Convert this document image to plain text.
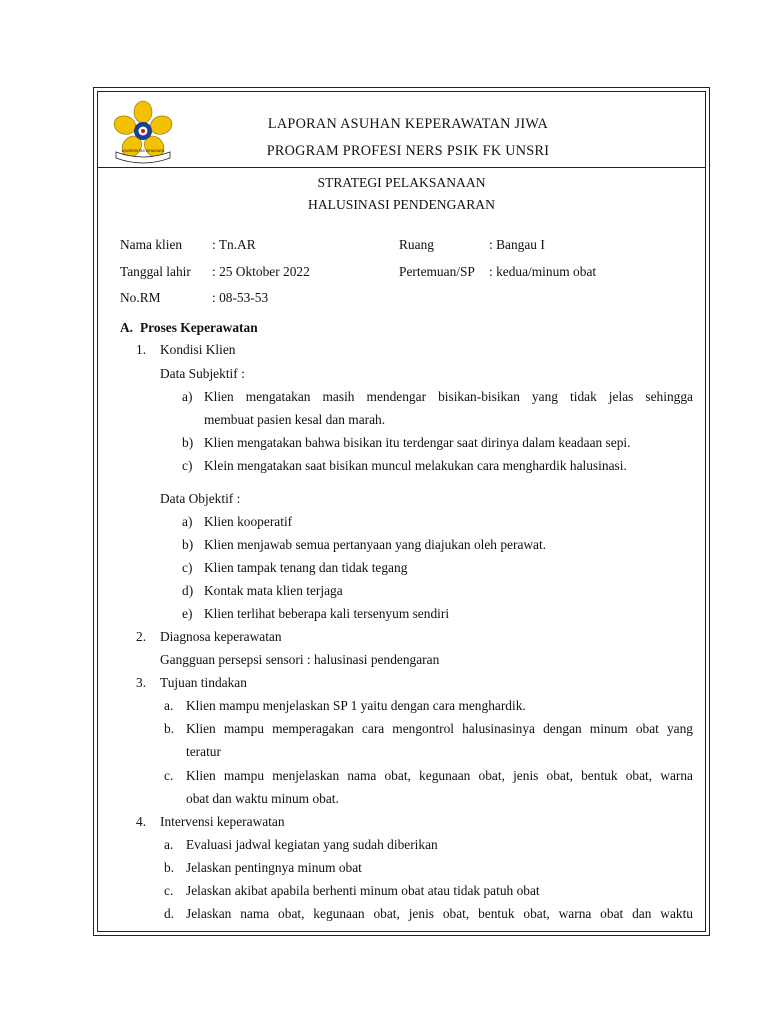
UNIVERSITAS SRIWIJAYA
LAPORAN ASUHAN KEPERAWATAN JIWA
PROGRAM PROFESI NERS PSIK FK UNSRI
STRATEGI PELAKSANAAN
HALUSINASI PENDENGARAN
Nama klien : Tn.AR
Tanggal lahir : 25 Oktober 2022
No.RM	: 08-53-53
Ruang	: Bangau I
Pertemuan/SP : kedua/minum obat
A. Proses Keperawatan
1. Kondisi Klien
Data Subjektif :
a) Klien mengatakan masih mendengar bisikan-bisikan yang tidak jelas sehingga
membuat pasien kesal dan marah.
b) Klien mengatakan bahwa bisikan itu terdengar saat dirinya dalam keadaan sepi.
c) Klein mengatakan saat bisikan muncul melakukan cara menghardik halusinasi.
Data Objektif :
a) Klien kooperatif
b) Klien menjawab semua pertanyaan yang diajukan oleh perawat.
c) Klien tampak tenang dan tidak tegang
d) Kontak mata klien terjaga
e) Klien terlihat beberapa kali tersenyum sendiri
2. Diagnosa keperawatan
Gangguan persepsi sensori : halusinasi pendengaran
3. Tujuan tindakan
a. Klien mampu menjelaskan SP 1 yaitu dengan cara menghardik.
b. Klien mampu memperagakan cara mengontrol halusinasinya dengan minum obat yang
teratur
c. Klien mampu menjelaskan nama obat, kegunaan obat, jenis obat, bentuk obat, warna
obat dan waktu minum obat.
4. Intervensi keperawatan
a. Evaluasi jadwal kegiatan yang sudah diberikan
b. Jelaskan pentingnya minum obat
c. Jelaskan akibat apabila berhenti minum obat atau tidak patuh obat
d. Jelaskan nama obat, kegunaan obat, jenis obat, bentuk obat, warna obat dan waktu
